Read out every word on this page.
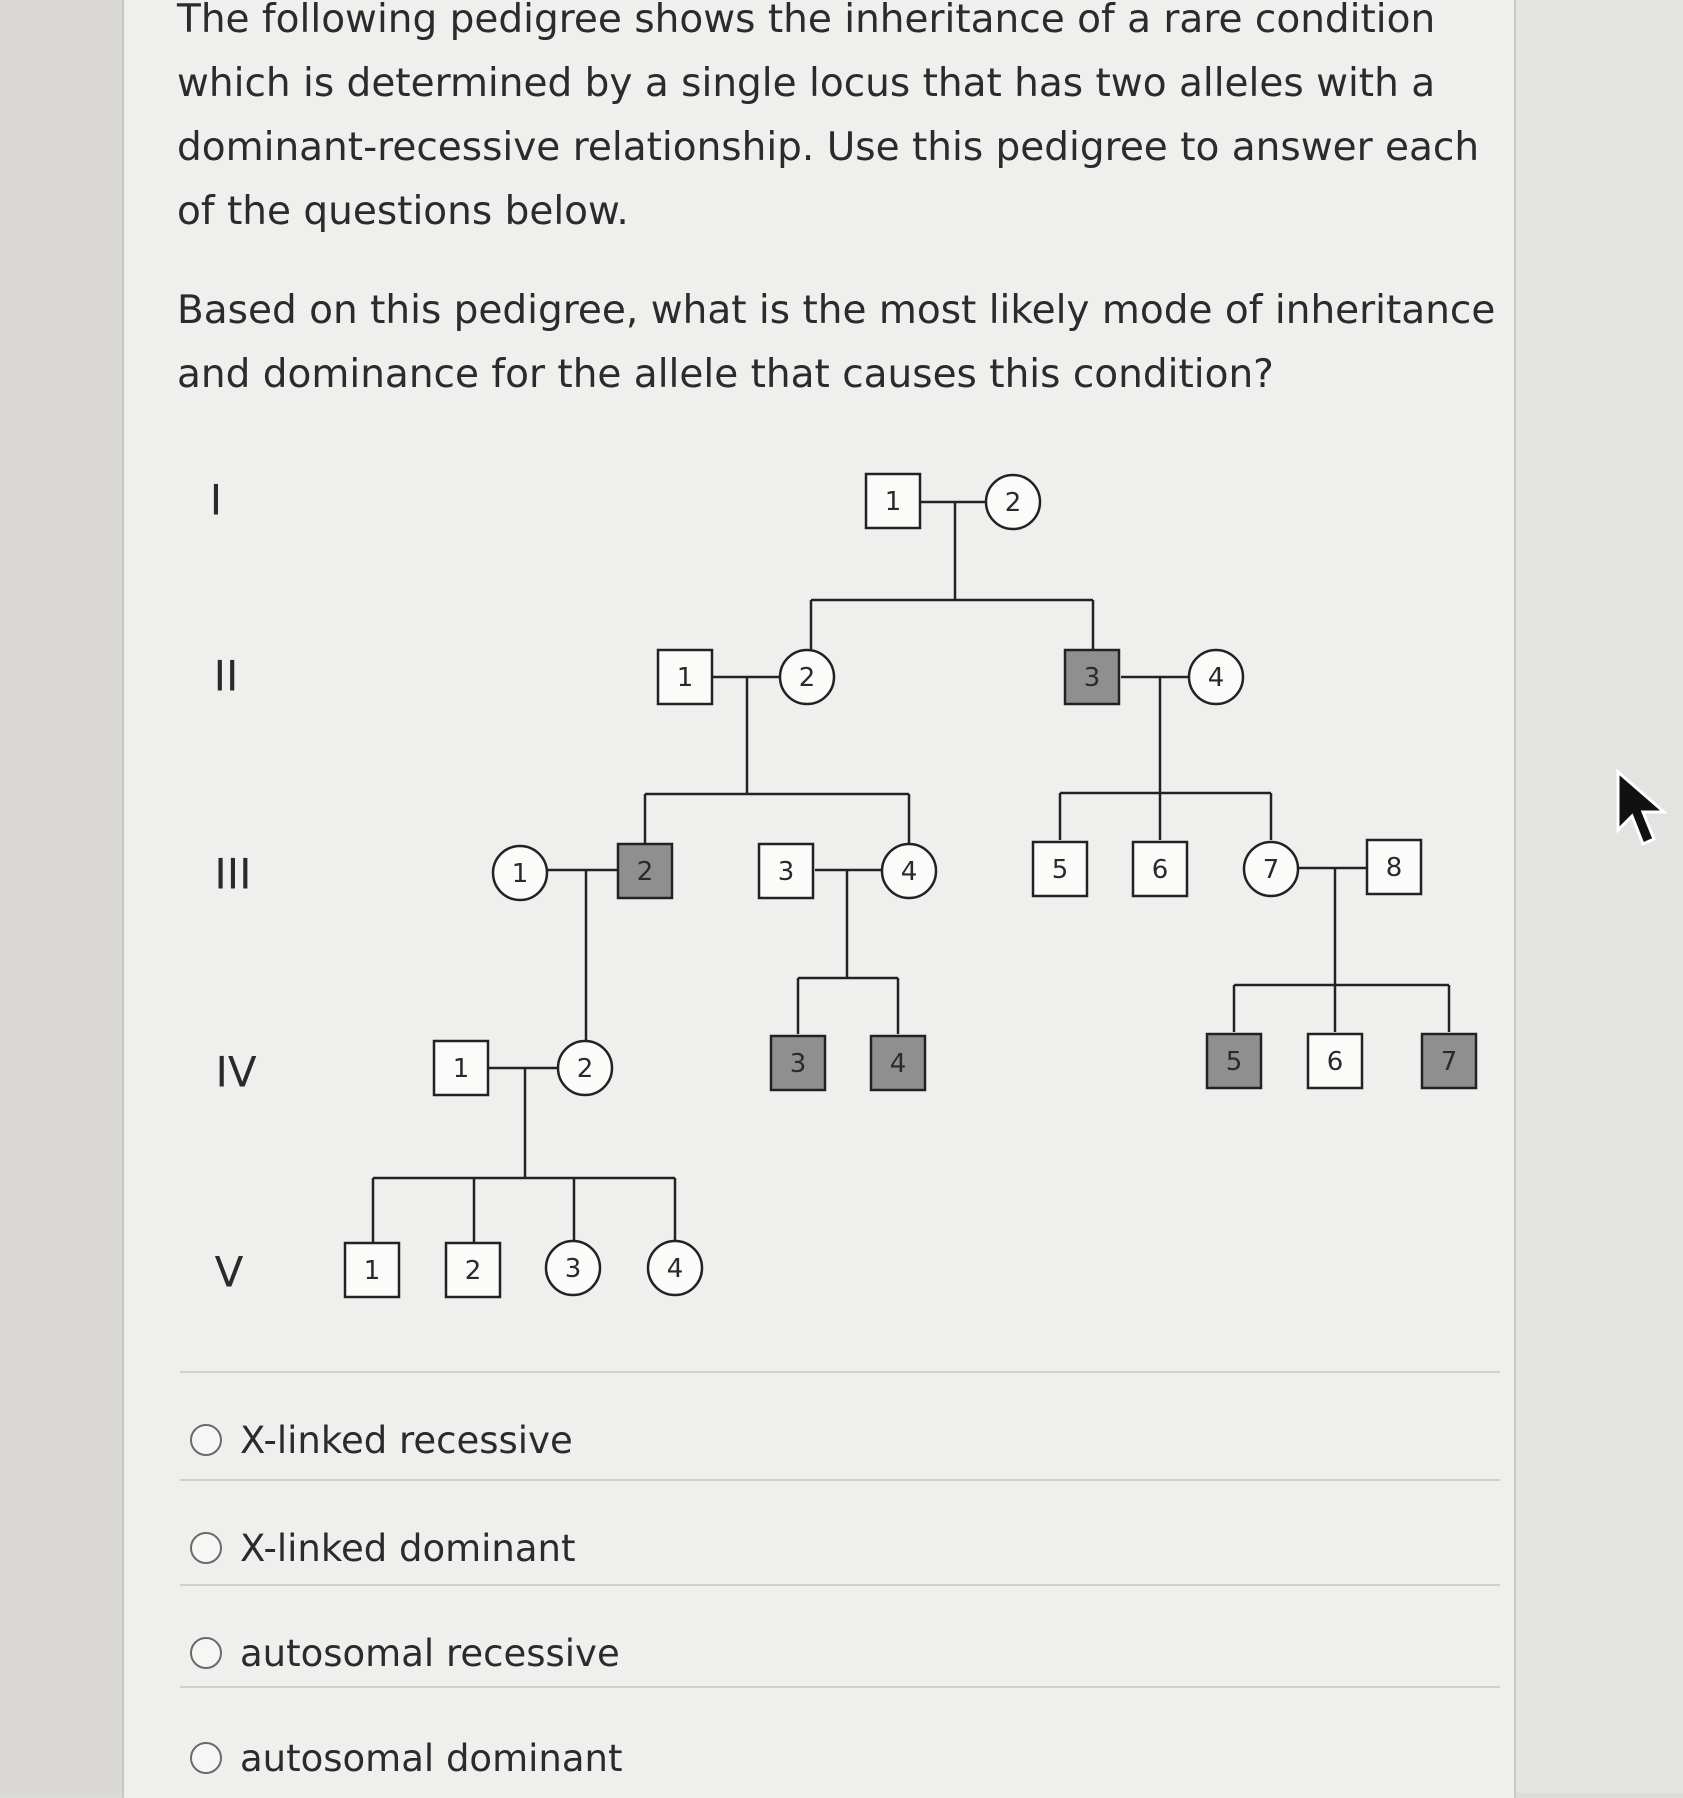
The following pedigree shows the inheritance of a rare condition which is determined by a single locus that has two alleles with a dominant-recessive relationship. Use this pedigree to answer each of the questions below.

Based on this pedigree, what is the most likely mode of inheritance and dominance for the allele that causes this condition?

I
II
III
IV
V
1	2
1	2	3	4
1	2	3	4	5	6	7	8
1	2	3	4	5	6	7
1	2	3	4
X-linked recessive
X-linked dominant
autosomal recessive
autosomal dominant
